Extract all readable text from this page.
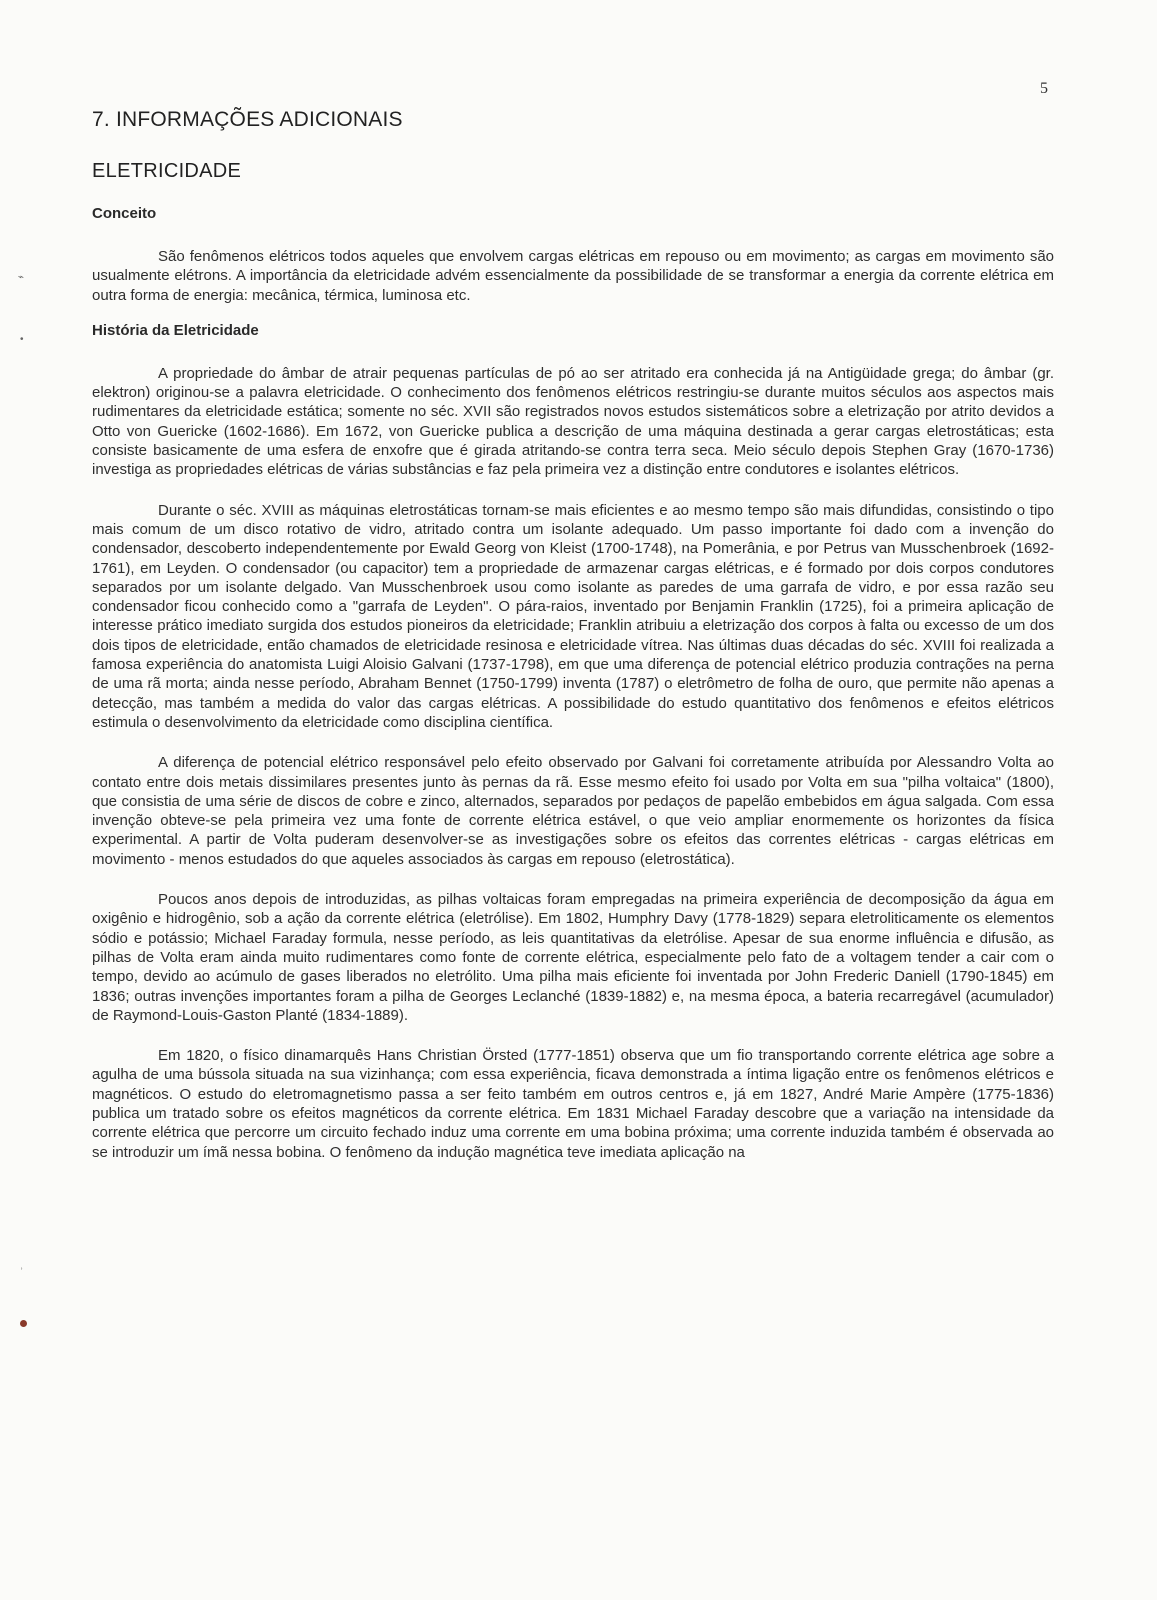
5
7. INFORMAÇÕES ADICIONAIS
ELETRICIDADE
Conceito

São fenômenos elétricos todos aqueles que envolvem cargas elétricas em repouso ou em movimento; as cargas em movimento são usualmente elétrons. A importância da eletricidade advém essencialmente da possibilidade de se transformar a energia da corrente elétrica em outra forma de energia: mecânica, térmica, luminosa etc.

História da Eletricidade

A propriedade do âmbar de atrair pequenas partículas de pó ao ser atritado era conhecida já na Antigüidade grega; do âmbar (gr. elektron) originou-se a palavra eletricidade. O conhecimento dos fenômenos elétricos restringiu-se durante muitos séculos aos aspectos mais rudimentares da eletricidade estática; somente no séc. XVII são registrados novos estudos sistemáticos sobre a eletrização por atrito devidos a Otto von Guericke (1602-1686). Em 1672, von Guericke publica a descrição de uma máquina destinada a gerar cargas eletrostáticas; esta consiste basicamente de uma esfera de enxofre que é girada atritando-se contra terra seca. Meio século depois Stephen Gray (1670-1736) investiga as propriedades elétricas de várias substâncias e faz pela primeira vez a distinção entre condutores e isolantes elétricos.

Durante o séc. XVIII as máquinas eletrostáticas tornam-se mais eficientes e ao mesmo tempo são mais difundidas, consistindo o tipo mais comum de um disco rotativo de vidro, atritado contra um isolante adequado. Um passo importante foi dado com a invenção do condensador, descoberto independentemente por Ewald Georg von Kleist (1700-1748), na Pomerânia, e por Petrus van Musschenbroek (1692-1761), em Leyden. O condensador (ou capacitor) tem a propriedade de armazenar cargas elétricas, e é formado por dois corpos condutores separados por um isolante delgado. Van Musschenbroek usou como isolante as paredes de uma garrafa de vidro, e por essa razão seu condensador ficou conhecido como a "garrafa de Leyden". O pára-raios, inventado por Benjamin Franklin (1725), foi a primeira aplicação de interesse prático imediato surgida dos estudos pioneiros da eletricidade; Franklin atribuiu a eletrização dos corpos à falta ou excesso de um dos dois tipos de eletricidade, então chamados de eletricidade resinosa e eletricidade vítrea. Nas últimas duas décadas do séc. XVIII foi realizada a famosa experiência do anatomista Luigi Aloisio Galvani (1737-1798), em que uma diferença de potencial elétrico produzia contrações na perna de uma rã morta; ainda nesse período, Abraham Bennet (1750-1799) inventa (1787) o eletrômetro de folha de ouro, que permite não apenas a detecção, mas também a medida do valor das cargas elétricas. A possibilidade do estudo quantitativo dos fenômenos e efeitos elétricos estimula o desenvolvimento da eletricidade como disciplina científica.

A diferença de potencial elétrico responsável pelo efeito observado por Galvani foi corretamente atribuída por Alessandro Volta ao contato entre dois metais dissimilares presentes junto às pernas da rã. Esse mesmo efeito foi usado por Volta em sua "pilha voltaica" (1800), que consistia de uma série de discos de cobre e zinco, alternados, separados por pedaços de papelão embebidos em água salgada. Com essa invenção obteve-se pela primeira vez uma fonte de corrente elétrica estável, o que veio ampliar enormemente os horizontes da física experimental. A partir de Volta puderam desenvolver-se as investigações sobre os efeitos das correntes elétricas - cargas elétricas em movimento - menos estudados do que aqueles associados às cargas em repouso (eletrostática).

Poucos anos depois de introduzidas, as pilhas voltaicas foram empregadas na primeira experiência de decomposição da água em oxigênio e hidrogênio, sob a ação da corrente elétrica (eletrólise). Em 1802, Humphry Davy (1778-1829) separa eletroliticamente os elementos sódio e potássio; Michael Faraday formula, nesse período, as leis quantitativas da eletrólise. Apesar de sua enorme influência e difusão, as pilhas de Volta eram ainda muito rudimentares como fonte de corrente elétrica, especialmente pelo fato de a voltagem tender a cair com o tempo, devido ao acúmulo de gases liberados no eletrólito. Uma pilha mais eficiente foi inventada por John Frederic Daniell (1790-1845) em 1836; outras invenções importantes foram a pilha de Georges Leclanché (1839-1882) e, na mesma época, a bateria recarregável (acumulador) de Raymond-Louis-Gaston Planté (1834-1889).

Em 1820, o físico dinamarquês Hans Christian Örsted (1777-1851) observa que um fio transportando corrente elétrica age sobre a agulha de uma bússola situada na sua vizinhança; com essa experiência, ficava demonstrada a íntima ligação entre os fenômenos elétricos e magnéticos. O estudo do eletromagnetismo passa a ser feito também em outros centros e, já em 1827, André Marie Ampère (1775-1836) publica um tratado sobre os efeitos magnéticos da corrente elétrica. Em 1831 Michael Faraday descobre que a variação na intensidade da corrente elétrica que percorre um circuito fechado induz uma corrente em uma bobina próxima; uma corrente induzida também é observada ao se introduzir um ímã nessa bobina. O fenômeno da indução magnética teve imediata aplicação na

⌁
•
˒
